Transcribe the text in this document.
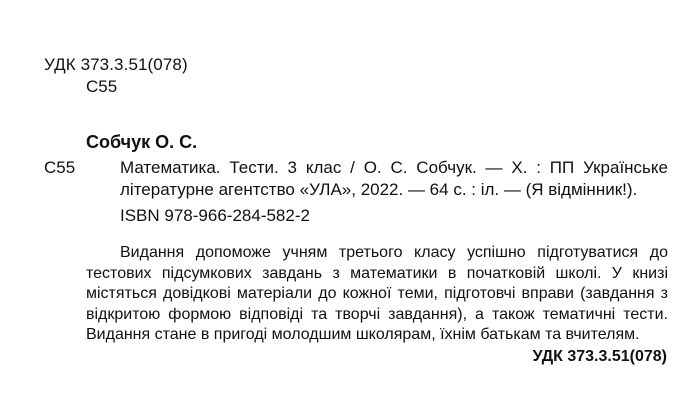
УДК 373.3.51(078)
С55
Собчук О. С.
С55	Математика. Тести. 3 клас / О. С. Собчук. — Х. : ПП Українське літературне агентство «УЛА», 2022. — 64 с. : іл. — (Я відмінник!).
ISBN 978-966-284-582-2
Видання допоможе учням третього класу успішно підготуватися до тестових підсумкових завдань з математики в початковій школі. У книзі містяться довідкові матеріали до кожної теми, підготовчі вправи (завдання з відкритою формою відповіді та творчі завдання), а також тематичні тести. Видання стане в пригоді молодшим школярам, їхнім батькам та вчителям.
УДК 373.3.51(078)
